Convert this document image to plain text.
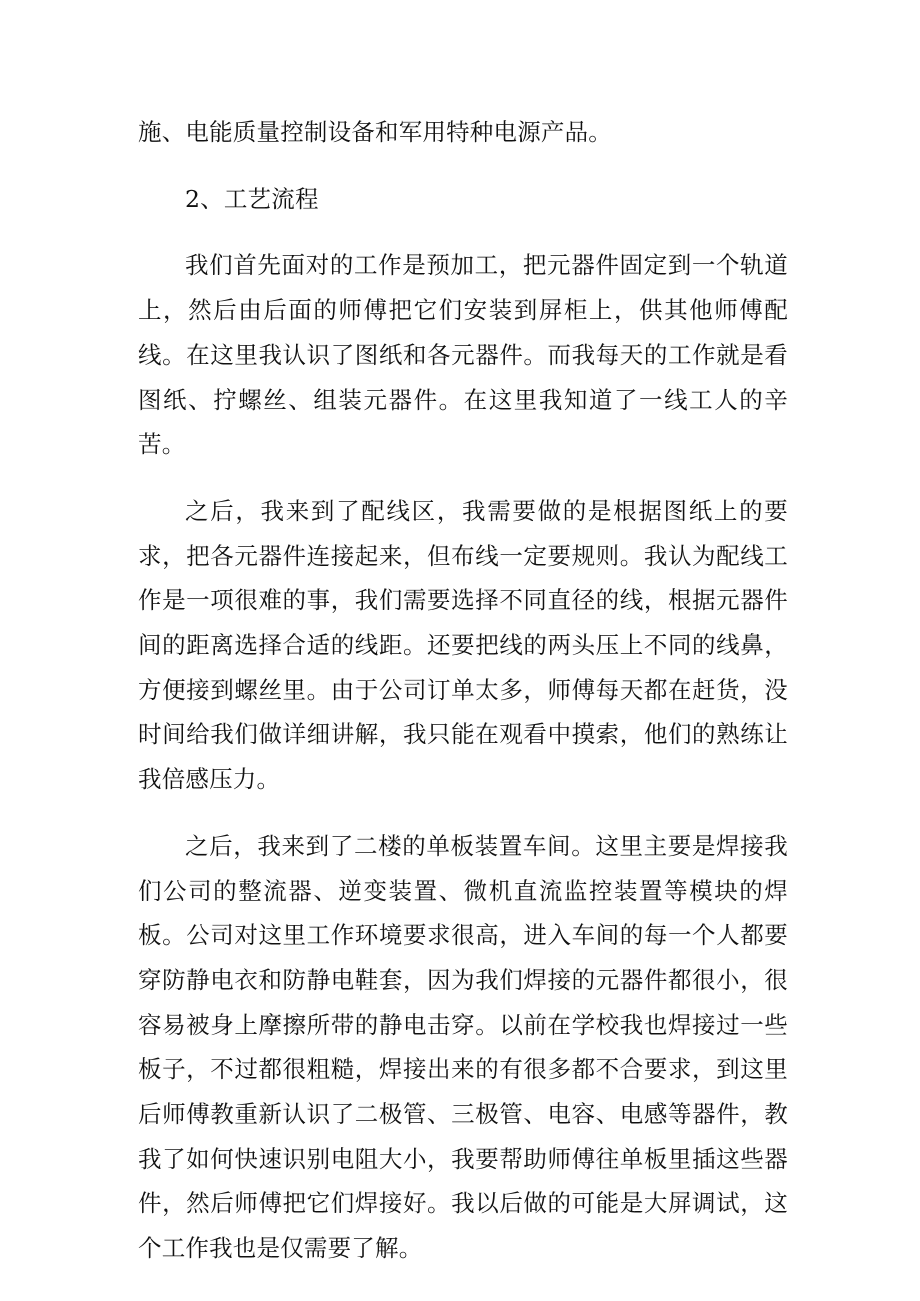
施、电能质量控制设备和军用特种电源产品。

2、工艺流程

我们首先面对的工作是预加工，把元器件固定到一个轨道上，然后由后面的师傅把它们安装到屏柜上，供其他师傅配线。在这里我认识了图纸和各元器件。而我每天的工作就是看图纸、拧螺丝、组装元器件。在这里我知道了一线工人的辛苦。

之后，我来到了配线区，我需要做的是根据图纸上的要求，把各元器件连接起来，但布线一定要规则。我认为配线工作是一项很难的事，我们需要选择不同直径的线，根据元器件间的距离选择合适的线距。还要把线的两头压上不同的线鼻，方便接到螺丝里。由于公司订单太多，师傅每天都在赶货，没时间给我们做详细讲解，我只能在观看中摸索，他们的熟练让我倍感压力。

之后，我来到了二楼的单板装置车间。这里主要是焊接我们公司的整流器、逆变装置、微机直流监控装置等模块的焊板。公司对这里工作环境要求很高，进入车间的每一个人都要穿防静电衣和防静电鞋套，因为我们焊接的元器件都很小，很容易被身上摩擦所带的静电击穿。以前在学校我也焊接过一些板子，不过都很粗糙，焊接出来的有很多都不合要求，到这里后师傅教重新认识了二极管、三极管、电容、电感等器件，教我了如何快速识别电阻大小，我要帮助师傅往单板里插这些器件，然后师傅把它们焊接好。我以后做的可能是大屏调试，这个工作我也是仅需要了解。
